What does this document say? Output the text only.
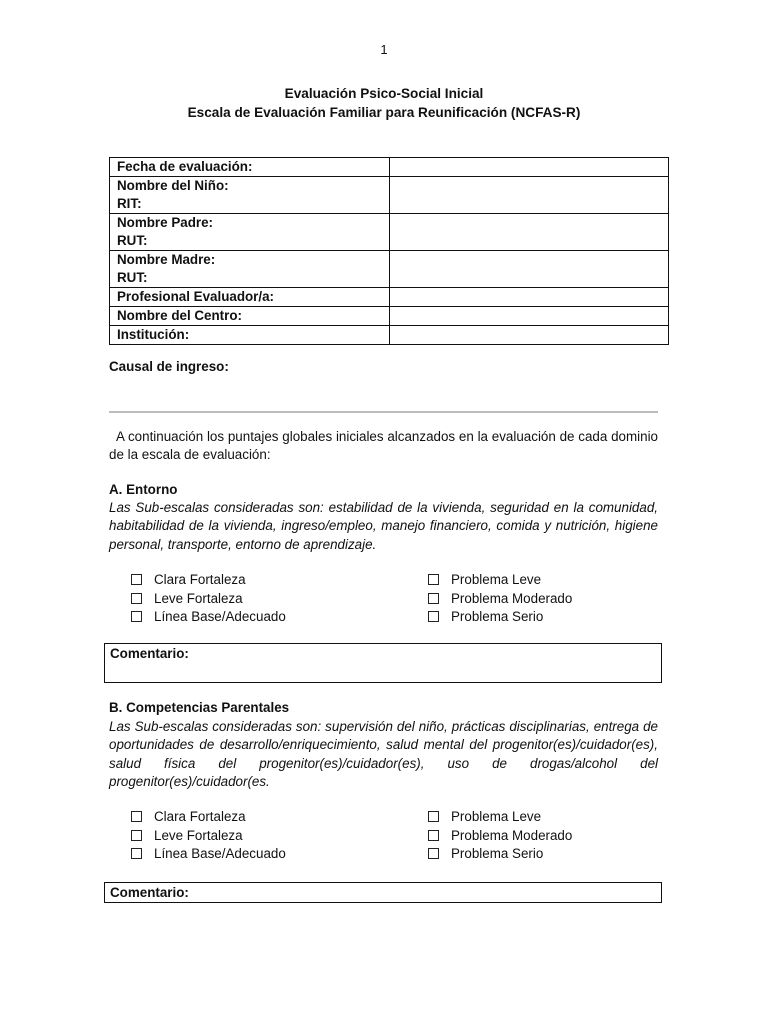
1
Evaluación Psico-Social Inicial
Escala de Evaluación Familiar para Reunificación (NCFAS-R)
Fecha de evaluación:	

Nombre del Niño:
RIT:	

Nombre Padre:
RUT:	

Nombre Madre:
RUT:	

Profesional Evaluador/a:	
Nombre del Centro:	
Institución:	
Causal de ingreso:
A continuación los puntajes globales iniciales alcanzados en la evaluación de cada dominio de la escala de evaluación:
A. Entorno
Las Sub-escalas consideradas son: estabilidad de la vivienda, seguridad en la comunidad, habitabilidad de la vivienda, ingreso/empleo, manejo financiero, comida y nutrición, higiene personal, transporte, entorno de aprendizaje.
Clara Fortaleza
Leve Fortaleza
Línea Base/Adecuado
Problema Leve
Problema Moderado
Problema Serio
Comentario:
B. Competencias Parentales
Las Sub-escalas consideradas son: supervisión del niño, prácticas disciplinarias, entrega de oportunidades de desarrollo/enriquecimiento, salud mental del progenitor(es)/cuidador(es), salud física del progenitor(es)/cuidador(es), uso de drogas/alcohol del progenitor(es)/cuidador(es.
Clara Fortaleza
Leve Fortaleza
Línea Base/Adecuado
Problema Leve
Problema Moderado
Problema Serio
Comentario:
